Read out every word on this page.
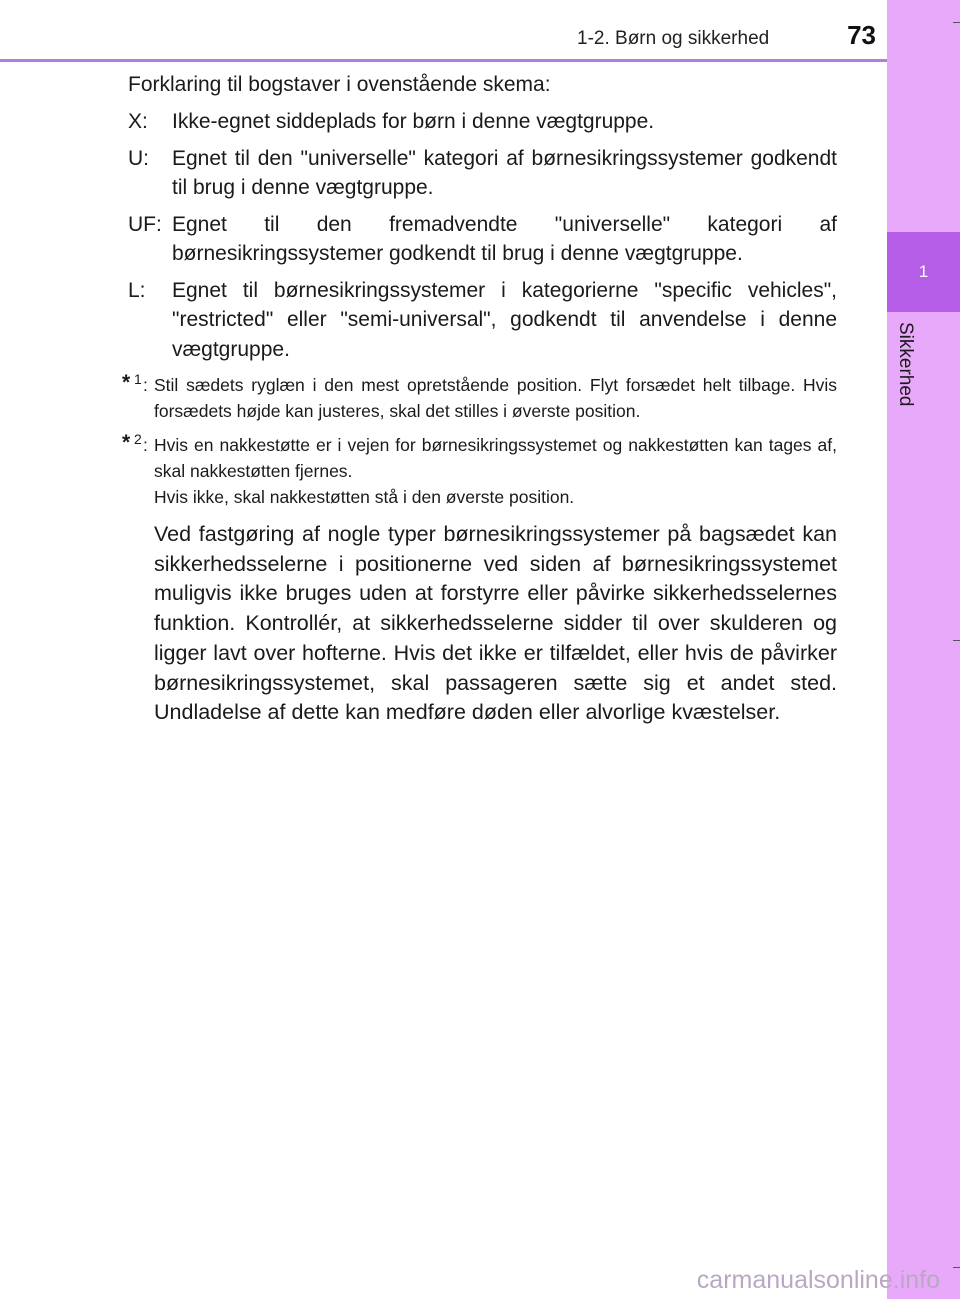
1
Sikkerhed
1-2. Børn og sikkerhed	73

Forklaring til bogstaver i ovenstående skema:

X:	Ikke-egnet siddeplads for børn i denne vægtgruppe.
U:	Egnet til den "universelle" kategori af børnesikringssystemer godkendt til brug i denne vægtgruppe.
UF: Egnet til den fremadvendte "universelle" kategori af børnesikringssystemer godkendt til brug i denne vægtgruppe.
L:	Egnet til børnesikringssystemer i kategorierne "specific vehicles", "restricted" eller "semi-universal", godkendt til anvendelse i denne vægtgruppe.
* 1 : Stil sædets ryglæn i den mest opretstående position. Flyt forsædet helt tilbage. Hvis forsædets højde kan justeres, skal det stilles i øverste position.

* 2 : Hvis en nakkestøtte er i vejen for børnesikringssystemet og nakkestøtten kan tages af, skal nakkestøtten fjernes.

Hvis ikke, skal nakkestøtten stå i den øverste position.

Ved fastgøring af nogle typer børnesikringssystemer på bagsædet kan sikkerhedsselerne i positionerne ved siden af børnesikringssystemet muligvis ikke bruges uden at forstyrre eller påvirke sikkerhedsselernes funktion. Kontrollér, at sikkerhedsselerne sidder til over skulderen og ligger lavt over hofterne. Hvis det ikke er tilfældet, eller hvis de påvirker børnesikringssystemet, skal passageren sætte sig et andet sted. Undladelse af dette kan medføre døden eller alvorlige kvæstelser.

carmanualsonline.info
